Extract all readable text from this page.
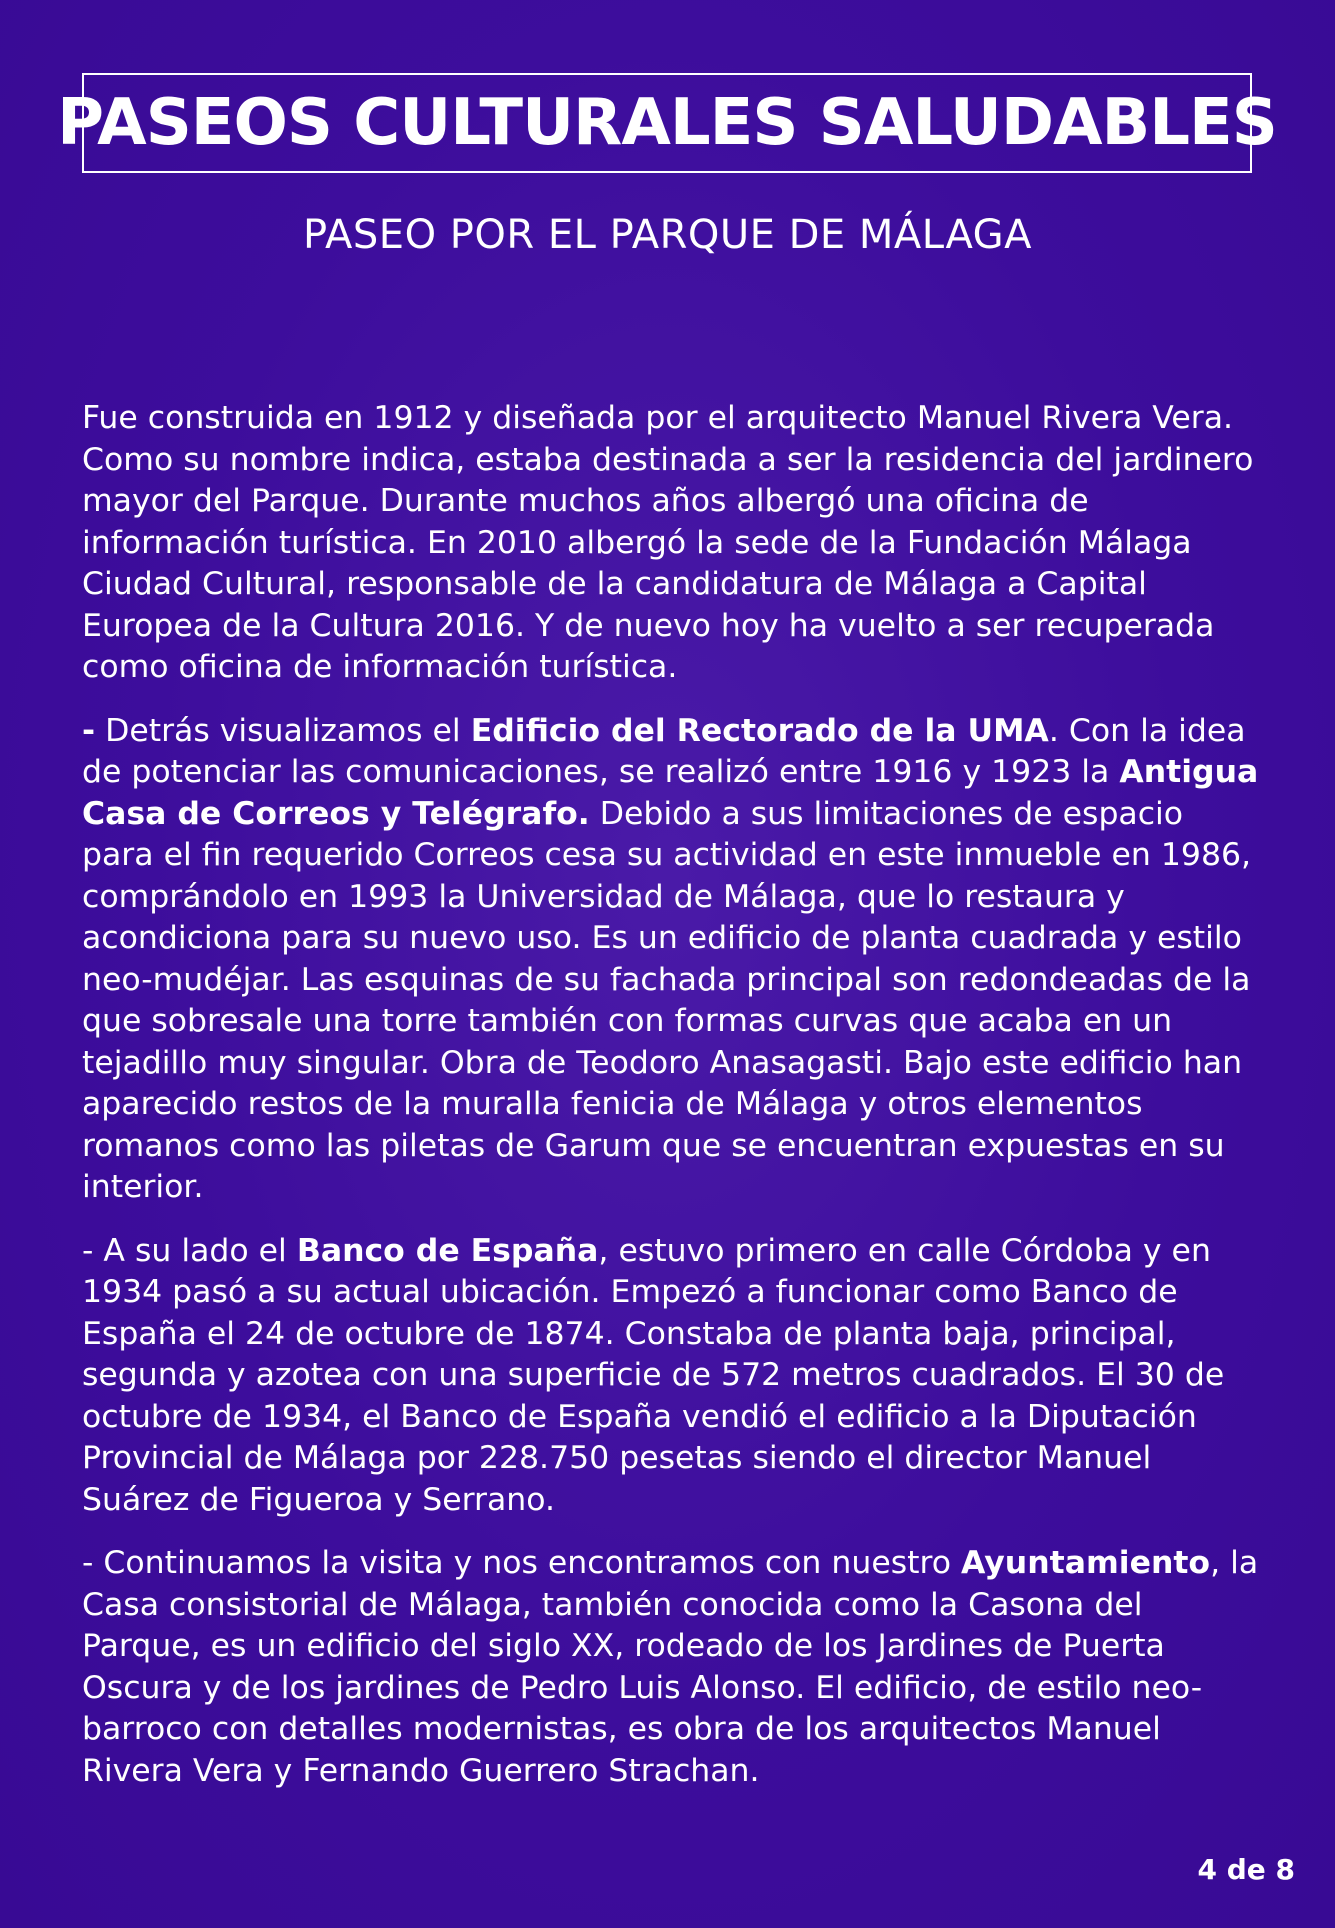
PASEOS CULTURALES SALUDABLES
PASEO POR EL PARQUE DE MÁLAGA

Fue construida en 1912 y diseñada por el arquitecto Manuel Rivera Vera. Como su nombre indica, estaba destinada a ser la residencia del jardinero mayor del Parque. Durante muchos años albergó una oficina de información turística. En 2010 albergó la sede de la Fundación Málaga Ciudad Cultural, responsable de la candidatura de Málaga a Capital Europea de la Cultura 2016. Y de nuevo hoy ha vuelto a ser recuperada como oficina de información turística.

- Detrás visualizamos el Edificio del Rectorado de la UMA. Con la idea de potenciar las comunicaciones, se realizó entre 1916 y 1923 la Antigua Casa de Correos y Telégrafo. Debido a sus limitaciones de espacio para el fin requerido Correos cesa su actividad en este inmueble en 1986, comprándolo en 1993 la Universidad de Málaga, que lo restaura y acondiciona para su nuevo uso. Es un edificio de planta cuadrada y estilo neo-mudéjar. Las esquinas de su fachada principal son redondeadas de la que sobresale una torre también con formas curvas que acaba en un tejadillo muy singular. Obra de Teodoro Anasagasti. Bajo este edificio han aparecido restos de la muralla fenicia de Málaga y otros elementos romanos como las piletas de Garum que se encuentran expuestas en su interior.

- A su lado el Banco de España, estuvo primero en calle Córdoba y en 1934 pasó a su actual ubicación. Empezó a funcionar como Banco de España el 24 de octubre de 1874. Constaba de planta baja, principal, segunda y azotea con una superficie de 572 metros cuadrados. El 30 de octubre de 1934, el Banco de España vendió el edificio a la Diputación Provincial de Málaga por 228.750 pesetas siendo el director Manuel Suárez de Figueroa y Serrano.

- Continuamos la visita y nos encontramos con nuestro Ayuntamiento, la Casa consistorial de Málaga, también conocida como la Casona del Parque, es un edificio del siglo XX, rodeado de los Jardines de Puerta Oscura y de los jardines de Pedro Luis Alonso. El edificio, de estilo neo-barroco con detalles modernistas, es obra de los arquitectos Manuel Rivera Vera y Fernando Guerrero Strachan.

4 de 8
